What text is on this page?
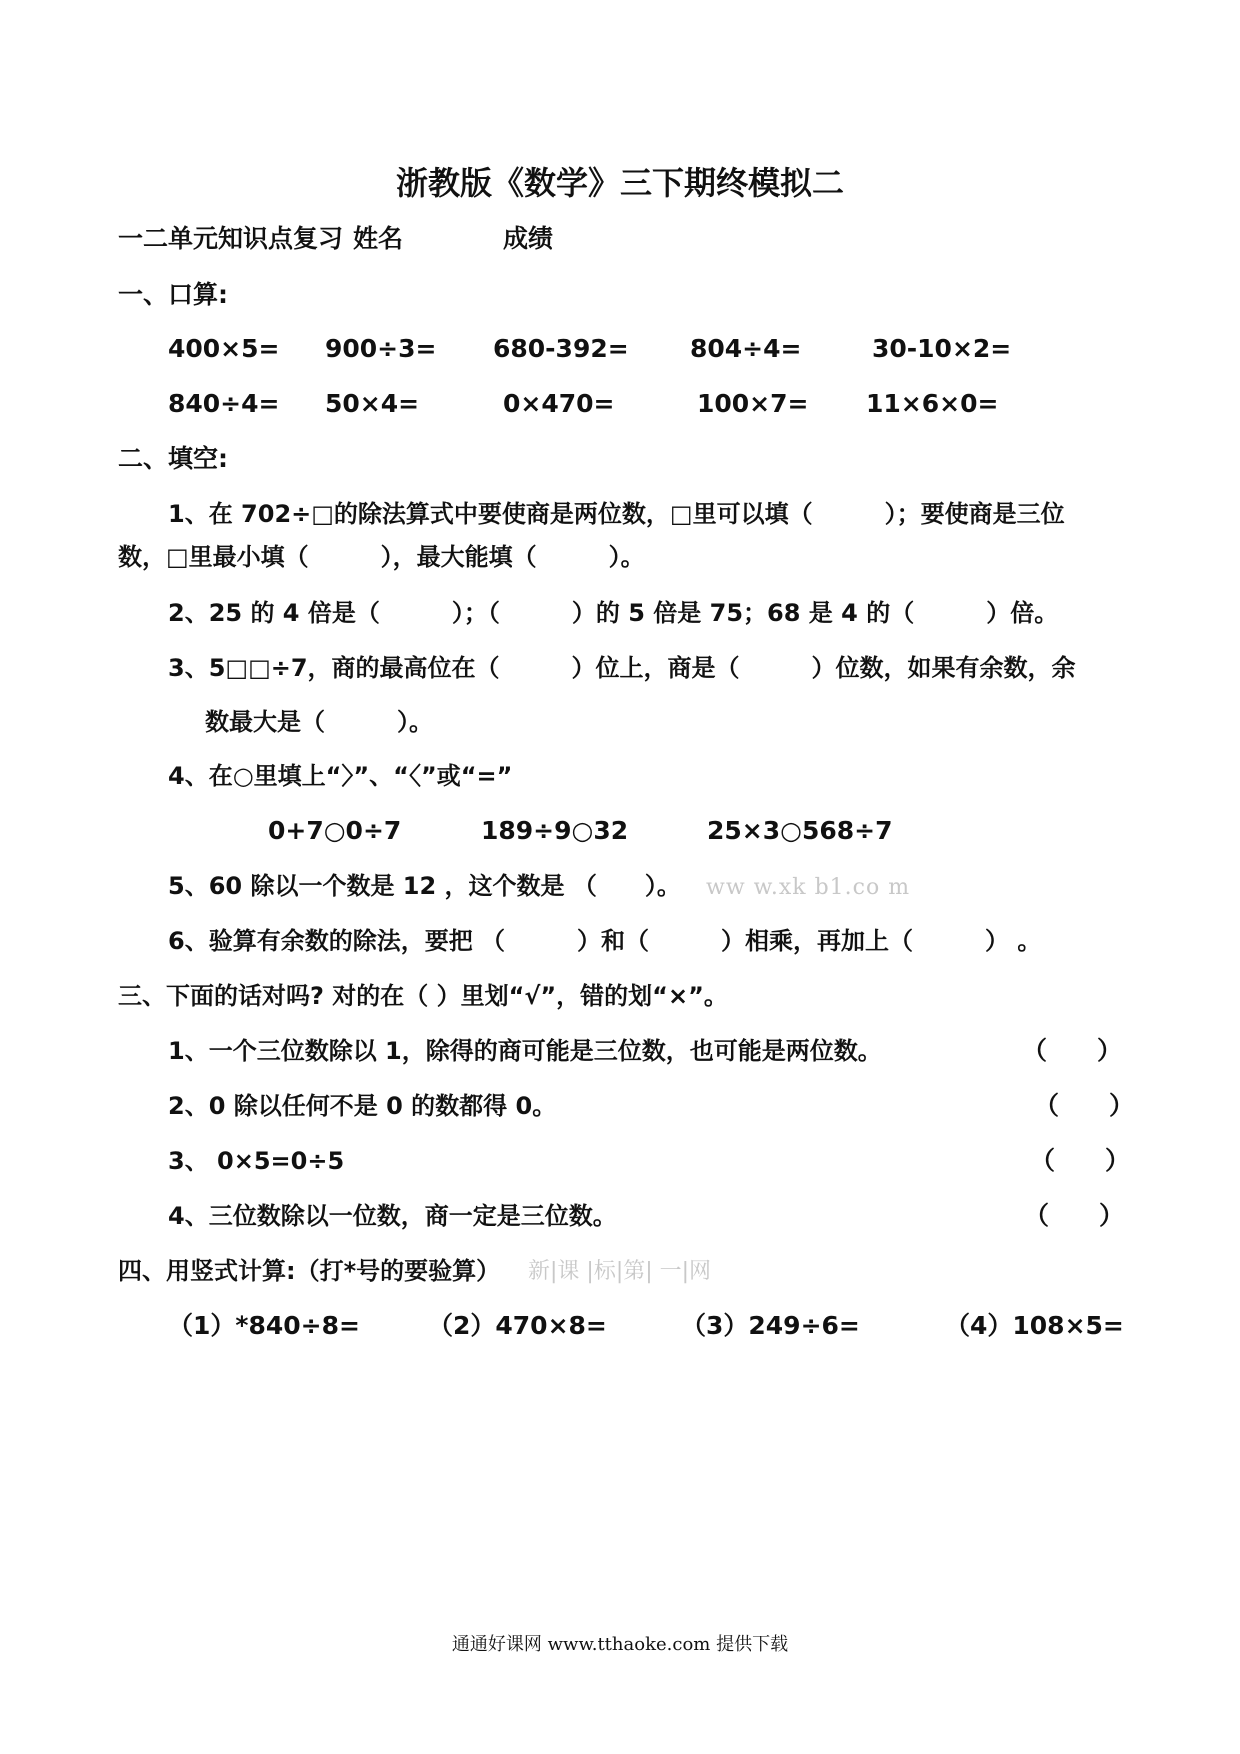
浙教版《数学》三下期终模拟二
一二单元知识点复习 姓名	成绩
一、口算:
400×5= 900÷3= 680-392= 804÷4=	30-10×2=
840÷4= 50×4=	0×470=	100×7= 11×6×0=
二、填空:
1、在 702÷□的除法算式中要使商是两位数，□里可以填（　　　）；要使商是三位
数，□里最小填（　　　），最大能填（　　　）。
2、25 的 4 倍是（　　　）；（　　　）的 5 倍是 75；68 是 4 的（　　　）倍。
3、5□□÷7，商的最高位在（　　　）位上，商是（　　　）位数，如果有余数，余
数最大是（　　　）。
4、在○里填上“〉”、“〈”或“=”
0+7○0÷7	189÷9○32	25×3○568÷7
5、60 除以一个数是 12 ，这个数是 （　　）。 ww w.xk b1.co m
6、验算有余数的除法，要把 （　　　）和（　　　）相乘，再加上（　　　） 。
三、下面的话对吗? 对的在（ ）里划“√”，错的划“×”。
1、一个三位数除以 1，除得的商可能是三位数，也可能是两位数。	（　　）
2、0 除以任何不是 0 的数都得 0。	（　　）
3、 0×5=0÷5	（　　）
4、三位数除以一位数，商一定是三位数。	（　　）
四、用竖式计算:（打*号的要验算） 新|课 |标|第| 一|网
（1）*840÷8=	（2）470×8=	（3）249÷6=	（4）108×5=
通通好课网 www.tthaoke.com 提供下载
